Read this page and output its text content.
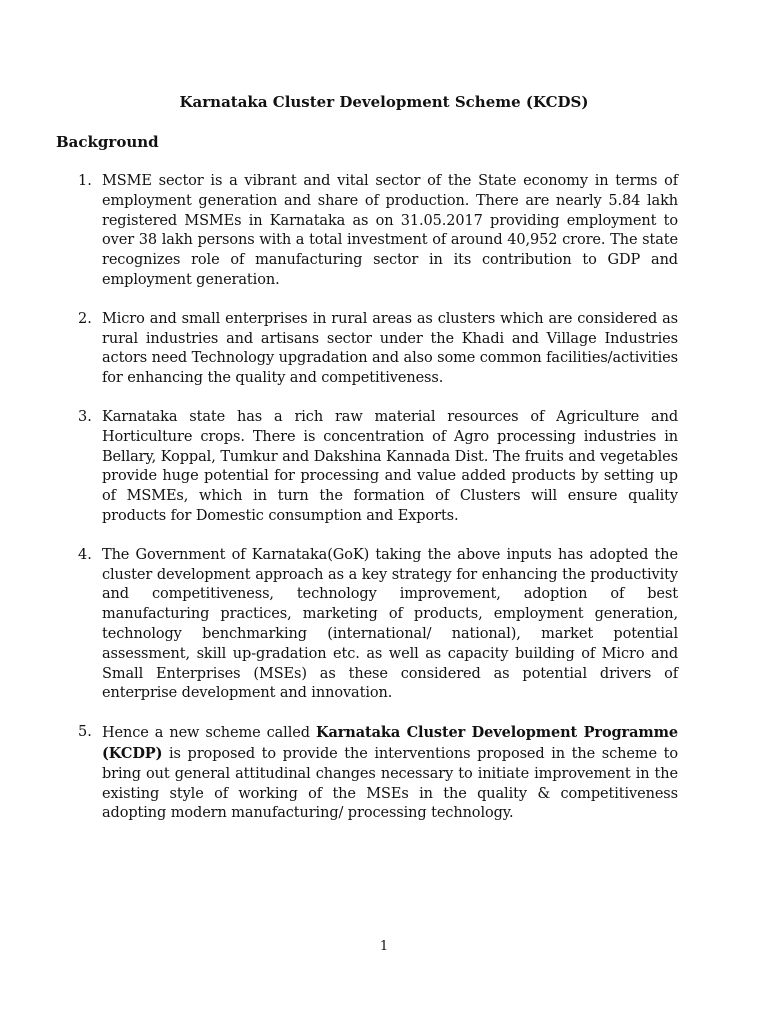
Karnataka Cluster Development Scheme (KCDS)
Background
1. MSME sector is a vibrant and vital sector of the State economy in terms of employment generation and share of production. There are nearly 5.84 lakh registered MSMEs in Karnataka as on 31.05.2017 providing employment to over 38 lakh persons with a total investment of around 40,952 crore. The state recognizes role of manufacturing sector in its contribution to GDP and employment generation.
2. Micro and small enterprises in rural areas as clusters which are considered as rural industries and artisans sector under the Khadi and Village Industries actors need Technology upgradation and also some common facilities/activities for enhancing the quality and competitiveness.
3. Karnataka state has a rich raw material resources of Agriculture and Horticulture crops. There is concentration of Agro processing industries in Bellary, Koppal, Tumkur and Dakshina Kannada Dist. The fruits and vegetables provide huge potential for processing and value added products by setting up of MSMEs, which in turn the formation of Clusters will ensure quality products for Domestic consumption and Exports.
4. The Government of Karnataka(GoK) taking the above inputs has adopted the cluster development approach as a key strategy for enhancing the productivity and competitiveness, technology improvement, adoption of best manufacturing practices, marketing of products, employment generation, technology benchmarking (international/ national), market potential assessment, skill up-gradation etc. as well as capacity building of Micro and Small Enterprises (MSEs) as these considered as potential drivers of enterprise development and innovation.
5. Hence a new scheme called Karnataka Cluster Development Programme (KCDP) is proposed to provide the interventions proposed in the scheme to bring out general attitudinal changes necessary to initiate improvement in the existing style of working of the MSEs in the quality & competitiveness adopting modern manufacturing/ processing technology.
1
